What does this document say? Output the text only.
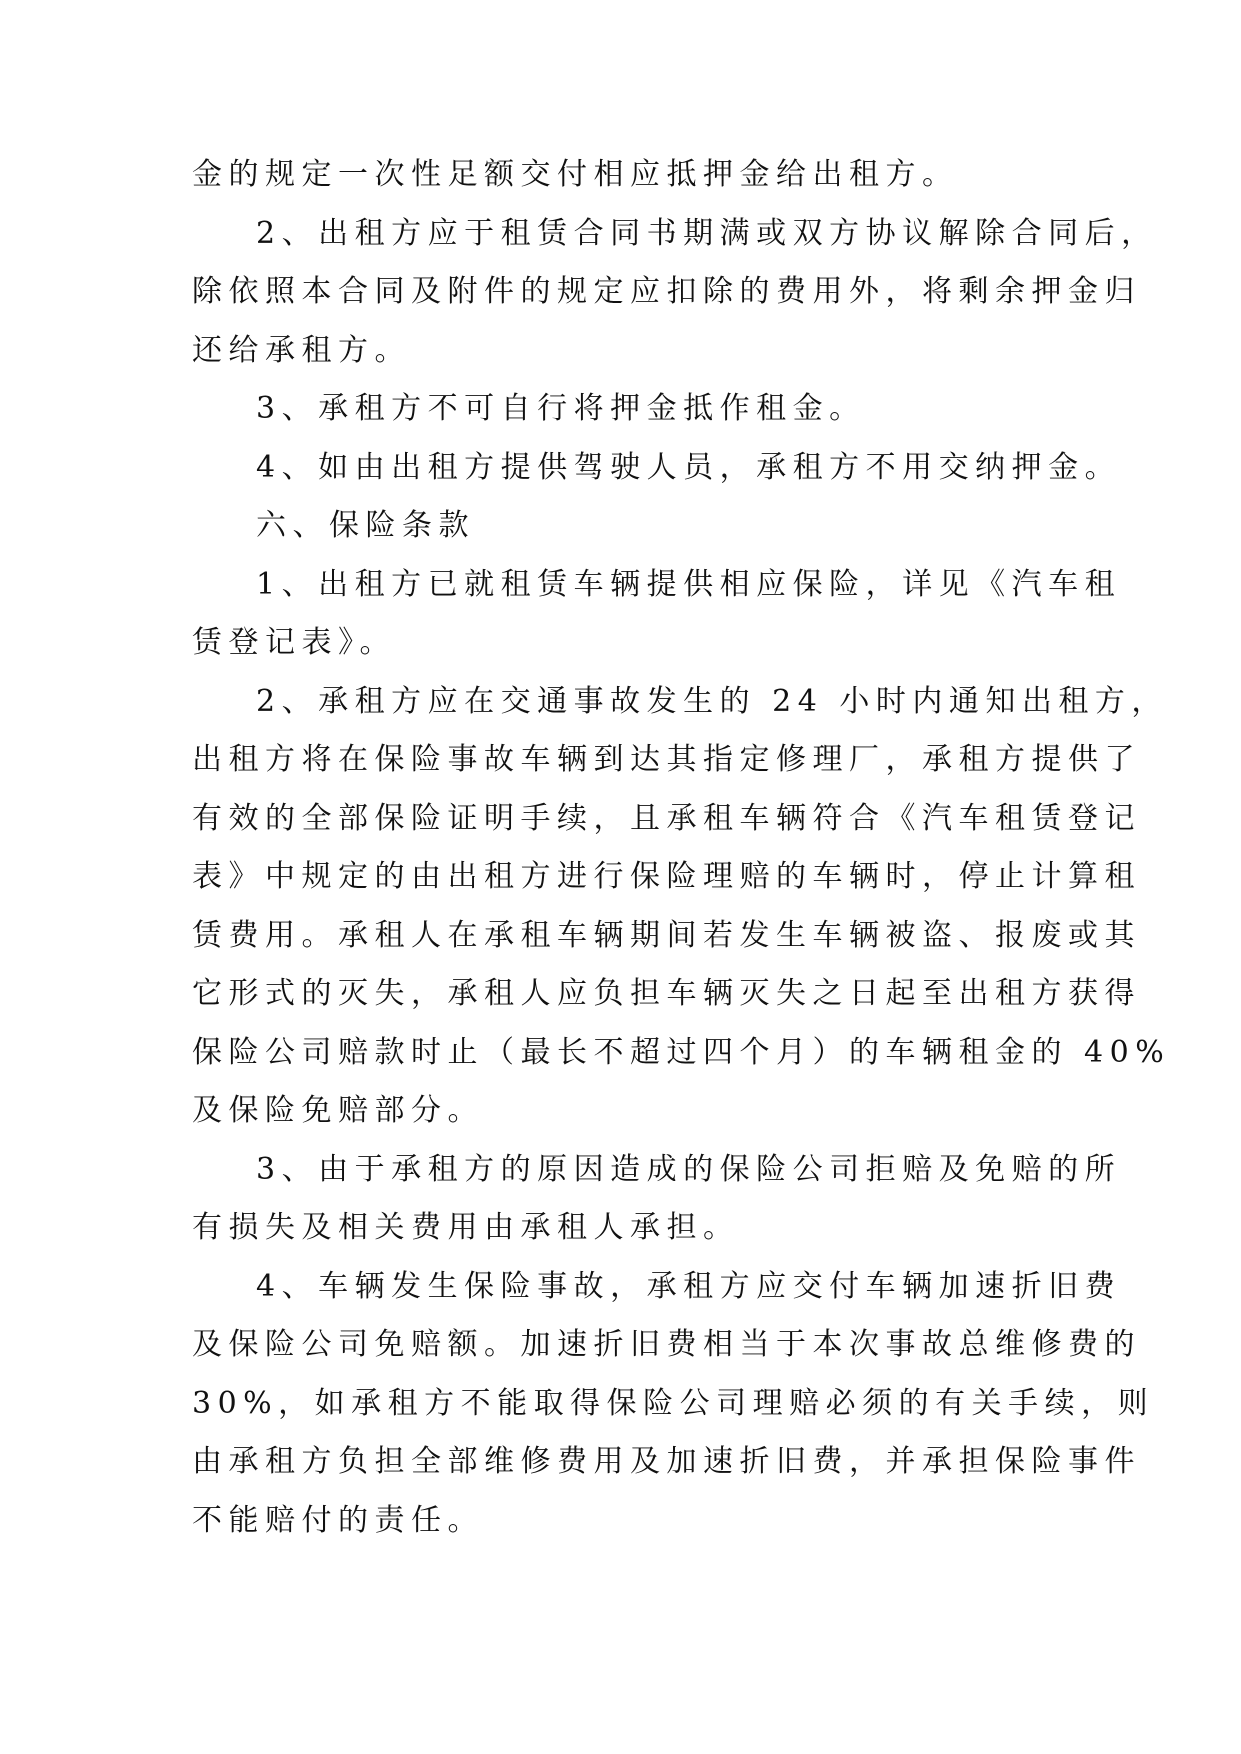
金的规定一次性足额交付相应抵押金给出租方。
2、出租方应于租赁合同书期满或双方协议解除合同后，
除依照本合同及附件的规定应扣除的费用外，将剩余押金归
还给承租方。
3、承租方不可自行将押金抵作租金。
4、如由出租方提供驾驶人员，承租方不用交纳押金。
六、保险条款
1、出租方已就租赁车辆提供相应保险，详见《汽车租
赁登记表》。
2、承租方应在交通事故发生的 24 小时内通知出租方，
出租方将在保险事故车辆到达其指定修理厂，承租方提供了
有效的全部保险证明手续，且承租车辆符合《汽车租赁登记
表》中规定的由出租方进行保险理赔的车辆时，停止计算租
赁费用。承租人在承租车辆期间若发生车辆被盗、报废或其
它形式的灭失，承租人应负担车辆灭失之日起至出租方获得
保险公司赔款时止（最长不超过四个月）的车辆租金的 40%
及保险免赔部分。
3、由于承租方的原因造成的保险公司拒赔及免赔的所
有损失及相关费用由承租人承担。
4、车辆发生保险事故，承租方应交付车辆加速折旧费
及保险公司免赔额。加速折旧费相当于本次事故总维修费的
30%，如承租方不能取得保险公司理赔必须的有关手续，则
由承租方负担全部维修费用及加速折旧费，并承担保险事件
不能赔付的责任。
